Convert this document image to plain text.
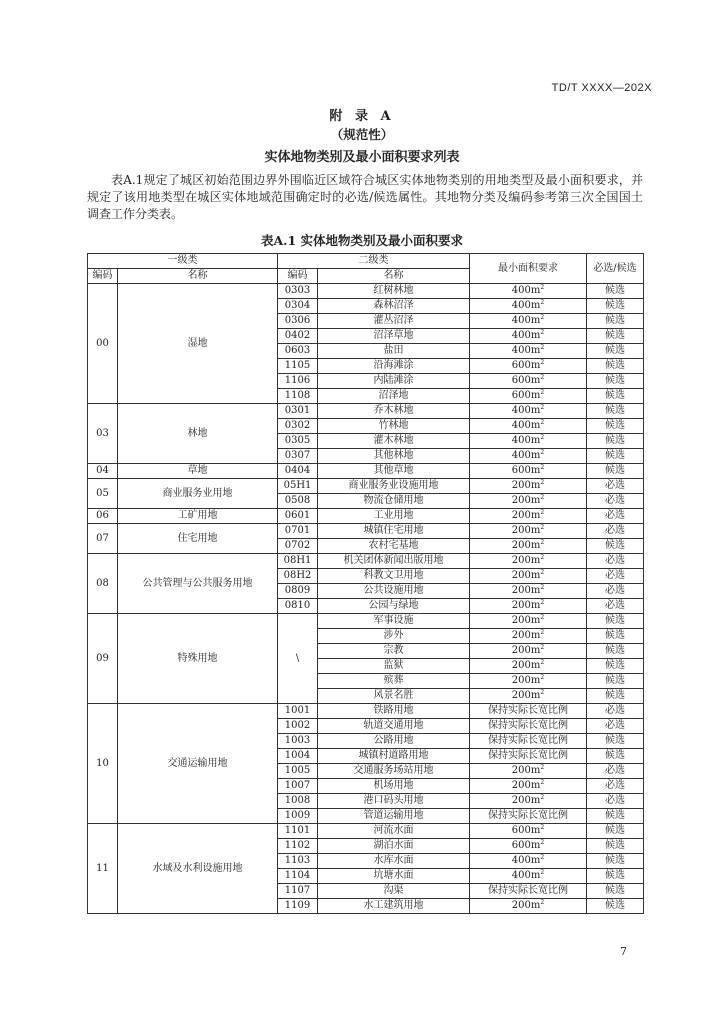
TD/T XXXX—202X
附 录 A
（规范性）
实体地物类别及最小面积要求列表

表A.1规定了城区初始范围边界外围临近区域符合城区实体地物类别的用地类型及最小面积要求，并规定了该用地类型在城区实体地域范围确定时的必选/候选属性。其地物分类及编码参考第三次全国国土调查工作分类表。

表A.1 实体地物类别及最小面积要求
一级类		二级类		最小面积要求	必选/候选
编码	名称	编码	名称		
00	湿地	0303	红树林地	$400m^2$	候选
		0304	森林沼泽	$400m^2$	候选
		0306	灌丛沼泽	$400m^2$	候选
		0402	沼泽草地	$400m^2$	候选
		0603	盐田	$400m^2$	候选
		1105	沿海滩涂	$600m^2$	候选
		1106	内陆滩涂	$600m^2$	候选
		1108	沼泽地	$600m^2$	候选
03	林地	0301	乔木林地	$400m^2$	候选
		0302	竹林地	$400m^2$	候选
		0305	灌木林地	$400m^2$	候选
		0307	其他林地	$400m^2$	候选
04	草地	0404	其他草地	$600m^2$	候选
05	商业服务业用地	05H1	商业服务业设施用地	$200m^2$	必选
		0508	物流仓储用地	$200m^2$	必选
06	工矿用地	0601	工业用地	$200m^2$	必选
07	住宅用地	0701	城镇住宅用地	$200m^2$	必选
		0702	农村宅基地	$200m^2$	候选
08	公共管理与公共服务用地	08H1	机关团体新闻出版用地	$200m^2$	必选
		08H2	科教文卫用地	$200m^2$	必选
		0809	公共设施用地	$200m^2$	必选
		0810	公园与绿地	$200m^2$	必选
09	特殊用地	\	军事设施	$200m^2$	候选
			涉外	$200m^2$	候选
			宗教	$200m^2$	候选
			监狱	$200m^2$	候选
			殡葬	$200m^2$	候选
			风景名胜	$200m^2$	候选
10	交通运输用地	1001	铁路用地	保持实际长宽比例	必选
		1002	轨道交通用地	保持实际长宽比例	必选
		1003	公路用地	保持实际长宽比例	候选
		1004	城镇村道路用地	保持实际长宽比例	候选
		1005	交通服务场站用地	$200m^2$	必选
		1007	机场用地	$200m^2$	必选
		1008	港口码头用地	$200m^2$	必选
		1009	管道运输用地	保持实际长宽比例	候选
11	水域及水利设施用地	1101	河流水面	$600m^2$	候选
		1102	湖泊水面	$600m^2$	候选
		1103	水库水面	$400m^2$	候选
		1104	坑塘水面	$400m^2$	候选
		1107	沟渠	保持实际长宽比例	候选
		1109	水工建筑用地	$200m^2$	候选
7
